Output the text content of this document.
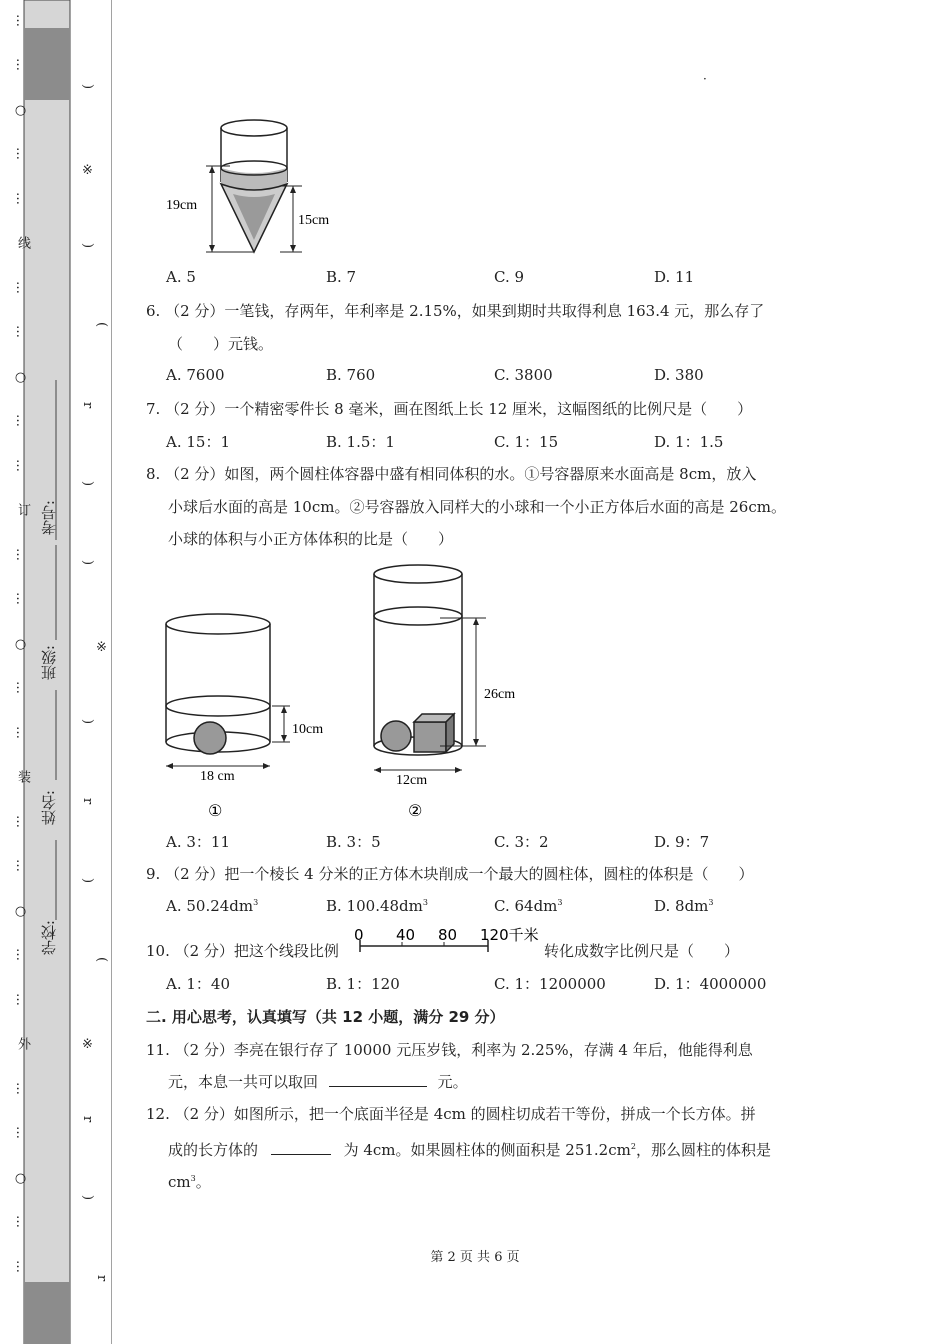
…
…
○
…
…
线
…
…
○
…
…
订
…
…
○
…
…
装
…
…
○
…
…
外
…
…
○
…
…
考号:
班级:
姓名:
学校:
)
※
)
(
r
)
)
※
)
r
)
(
※
r
)
r
·
19cm
15cm
A. 5	B. 7	C. 9	D. 11
6. （2 分）一笔钱，存两年，年利率是 2.15%，如果到期时共取得利息 163.4 元，那么存了
（　　）元钱。
A. 7600	B. 760	C. 3800	D. 380
7. （2 分）一个精密零件长 8 毫米，画在图纸上长 12 厘米，这幅图纸的比例尺是（　　）
A. 15：1	B. 1.5：1	C. 1：15	D. 1：1.5
8. （2 分）如图，两个圆柱体容器中盛有相同体积的水。①号容器原来水面高是 8cm，放入
小球后水面的高是 10cm。②号容器放入同样大的小球和一个小正方体后水面的高是 26cm。
小球的体积与小正方体体积的比是（　　）
10cm
18 cm
①
26cm
12cm
②
A. 3：11	B. 3：5	C. 3：2	D. 9：7
9. （2 分）把一个棱长 4 分米的正方体木块削成一个最大的圆柱体，圆柱的体积是（　　）
A. $50.24dm^3$	B. $100.48dm^3$	C. $64dm^3$	D. $8dm^3$
10. （2 分）把这个线段比例
0 40 80 120千米
转化成数字比例尺是（　　）
A. 1：40	B. 1：120	C. 1：1200000	D. 1：4000000
二. 用心思考，认真填写（共 12 小题，满分 29 分）
11. （2 分）李亮在银行存了 10000 元压岁钱，利率为 2.25%，存满 4 年后，他能得利息
元，本息一共可以取回	元。
12. （2 分）如图所示，把一个底面半径是 4cm 的圆柱切成若干等份，拼成一个长方体。拼
成的长方体的	为 4cm。如果圆柱体的侧面积是 $251.2cm^2$，那么圆柱的体积是
$cm^3$。
第 2 页 共 6 页
